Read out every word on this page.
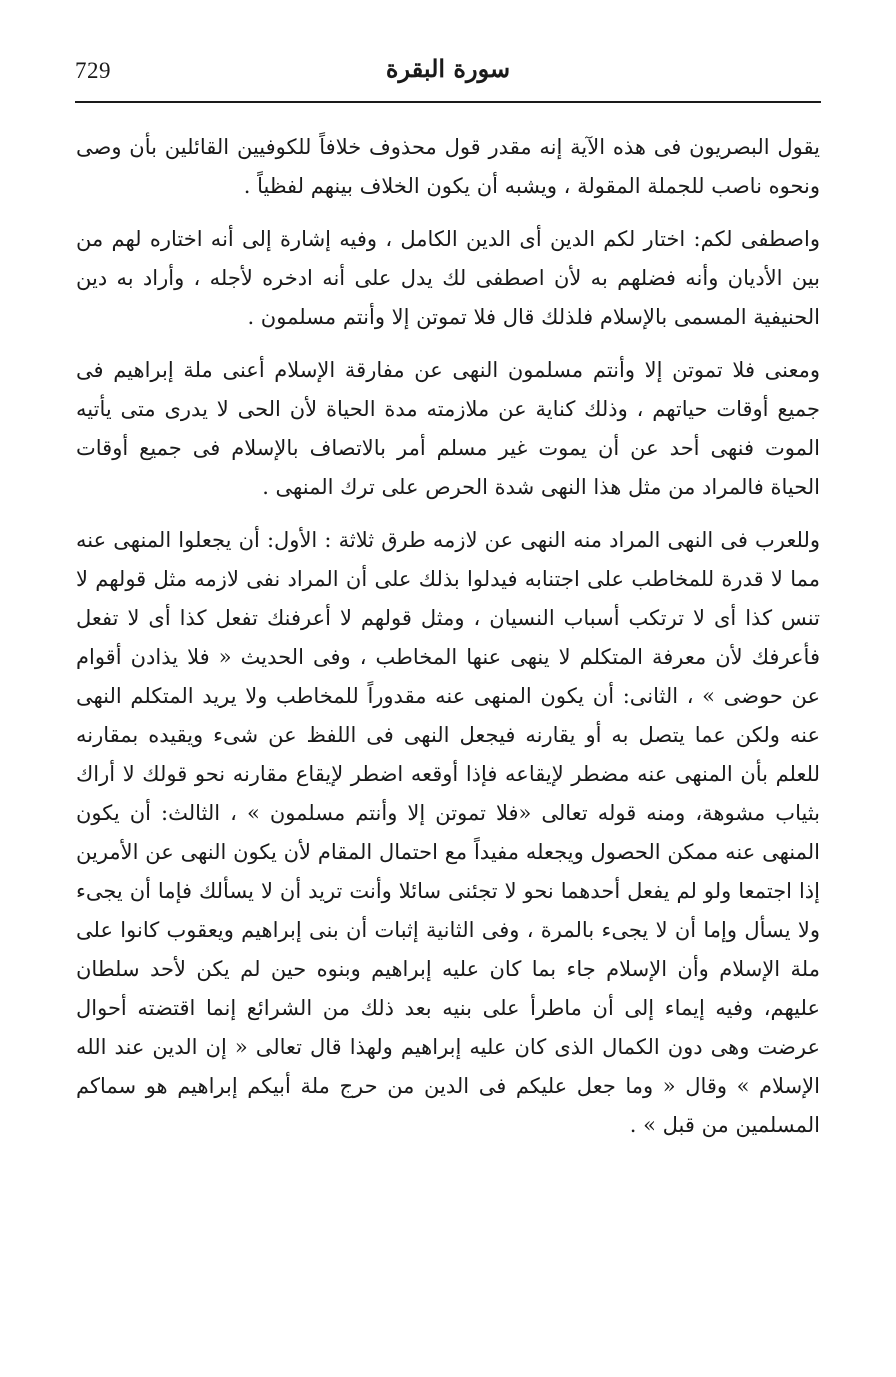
729	سورة البقرة

يقول البصريون فى هذه الآية إنه مقدر قول محذوف خلافاً للكوفيين القائلين بأن وصى ونحوه ناصب للجملة المقولة ، ويشبه أن يكون الخلاف بينهم لفظياً .

واصطفى لكم: اختار لكم الدين أى الدين الكامل ، وفيه إشارة إلى أنه اختاره لهم من بين الأديان وأنه فضلهم به لأن اصطفى لك يدل على أنه ادخره لأجله ، وأراد به دين الحنيفية المسمى بالإسلام فلذلك قال فلا تموتن إلا وأنتم مسلمون .

ومعنى فلا تموتن إلا وأنتم مسلمون النهى عن مفارقة الإسلام أعنى ملة إبراهيم فى جميع أوقات حياتهم ، وذلك كناية عن ملازمته مدة الحياة لأن الحى لا يدرى متى يأتيه الموت فنهى أحد عن أن يموت غير مسلم أمر بالاتصاف بالإسلام فى جميع أوقات الحياة فالمراد من مثل هذا النهى شدة الحرص على ترك المنهى .

وللعرب فى النهى المراد منه النهى عن لازمه طرق ثلاثة : الأول: أن يجعلوا المنهى عنه مما لا قدرة للمخاطب على اجتنابه فيدلوا بذلك على أن المراد نفى لازمه مثل قولهم لا تنس كذا أى لا ترتكب أسباب النسيان ، ومثل قولهم لا أعرفنك تفعل كذا أى لا تفعل فأعرفك لأن معرفة المتكلم لا ينهى عنها المخاطب ، وفى الحديث « فلا يذادن أقوام عن حوضى » ، الثانى: أن يكون المنهى عنه مقدوراً للمخاطب ولا يريد المتكلم النهى عنه ولكن عما يتصل به أو يقارنه فيجعل النهى فى اللفظ عن شىء ويقيده بمقارنه للعلم بأن المنهى عنه مضطر لإيقاعه فإذا أوقعه اضطر لإيقاع مقارنه نحو قولك لا أراك بثياب مشوهة، ومنه قوله تعالى «فلا تموتن إلا وأنتم مسلمون » ، الثالث: أن يكون المنهى عنه ممكن الحصول ويجعله مفيداً مع احتمال المقام لأن يكون النهى عن الأمرين إذا اجتمعا ولو لم يفعل أحدهما نحو لا تجئنى سائلا وأنت تريد أن لا يسألك فإما أن يجىء ولا يسأل وإما أن لا يجىء بالمرة ، وفى الثانية إثبات أن بنى إبراهيم ويعقوب كانوا على ملة الإسلام وأن الإسلام جاء بما كان عليه إبراهيم وبنوه حين لم يكن لأحد سلطان عليهم، وفيه إيماء إلى أن ماطرأ على بنيه بعد ذلك من الشرائع إنما اقتضته أحوال عرضت وهى دون الكمال الذى كان عليه إبراهيم ولهذا قال تعالى « إن الدين عند الله الإسلام » وقال « وما جعل عليكم فى الدين من حرج ملة أبيكم إبراهيم هو سماكم المسلمين من قبل » .
